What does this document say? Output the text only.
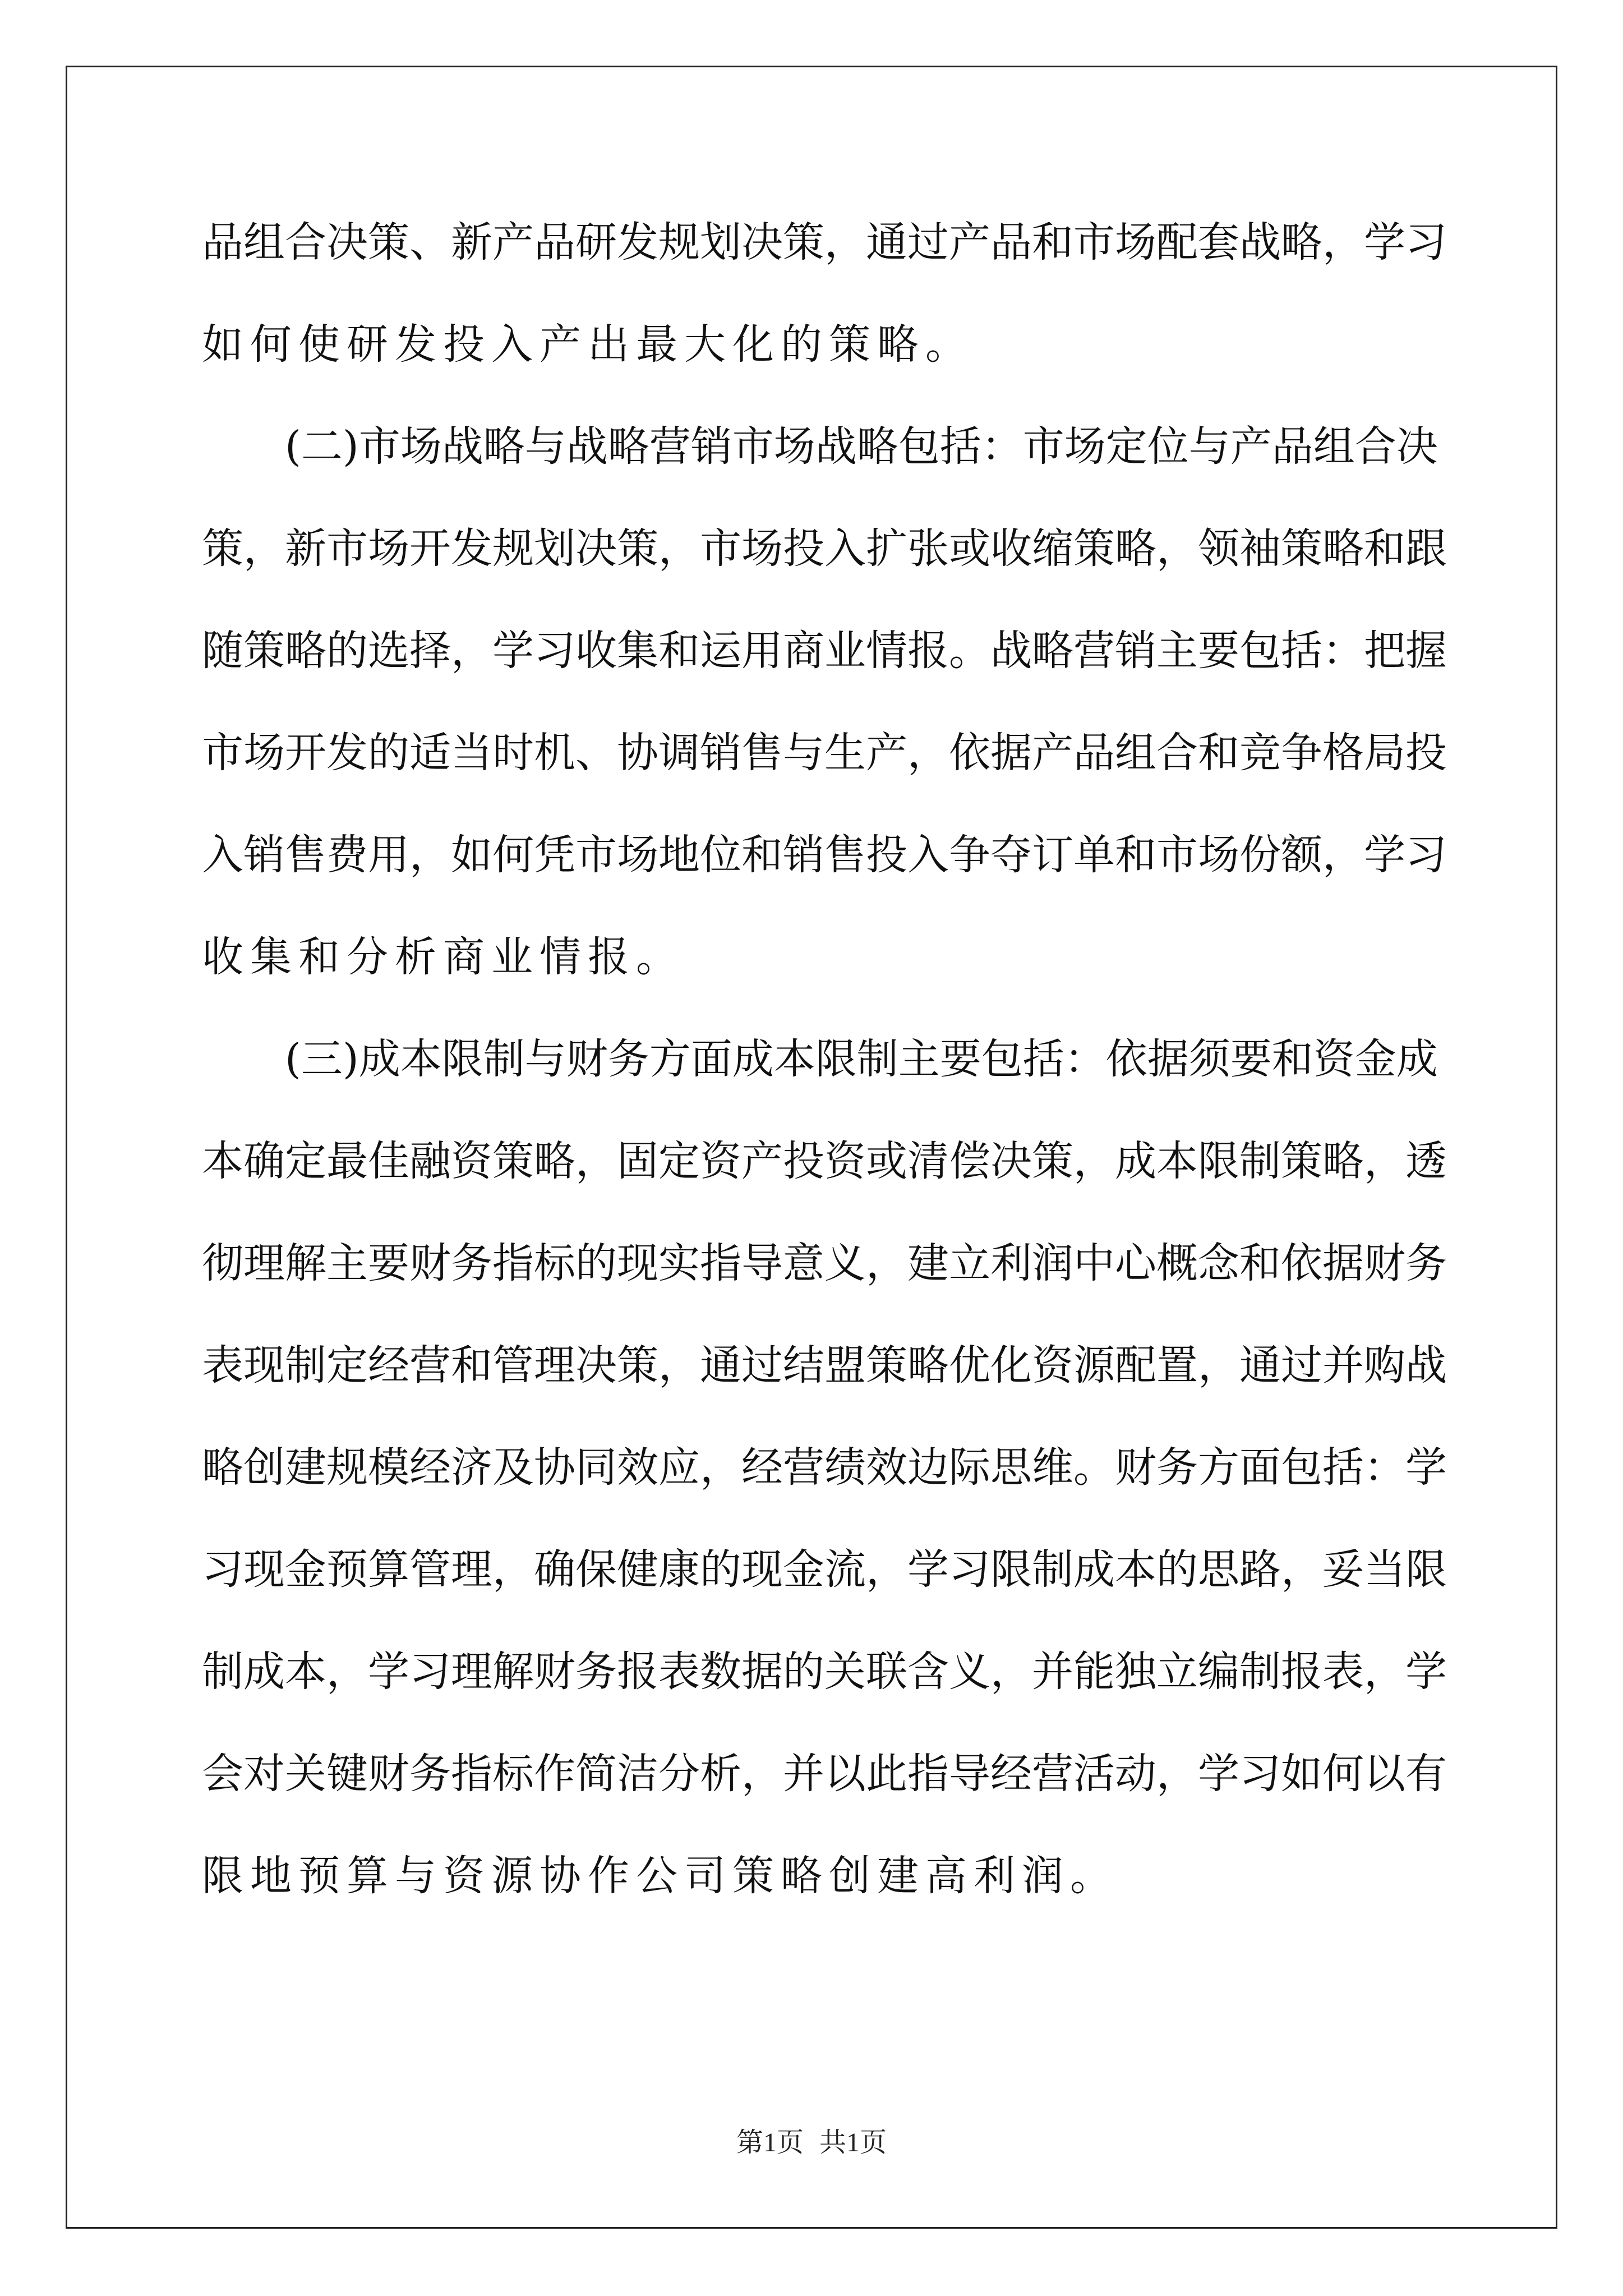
品组合决策、新产品研发规划决策，通过产品和市场配套战略，学习
如何使研发投入产出最大化的策略。
(二)市场战略与战略营销市场战略包括：市场定位与产品组合决
策，新市场开发规划决策，市场投入扩张或收缩策略，领袖策略和跟
随策略的选择，学习收集和运用商业情报。战略营销主要包括：把握
市场开发的适当时机、协调销售与生产，依据产品组合和竞争格局投
入销售费用，如何凭市场地位和销售投入争夺订单和市场份额，学习
收集和分析商业情报。
(三)成本限制与财务方面成本限制主要包括：依据须要和资金成
本确定最佳融资策略，固定资产投资或清偿决策，成本限制策略，透
彻理解主要财务指标的现实指导意义，建立利润中心概念和依据财务
表现制定经营和管理决策，通过结盟策略优化资源配置，通过并购战
略创建规模经济及协同效应，经营绩效边际思维。财务方面包括：学
习现金预算管理，确保健康的现金流，学习限制成本的思路，妥当限
制成本，学习理解财务报表数据的关联含义，并能独立编制报表，学
会对关键财务指标作简洁分析，并以此指导经营活动，学习如何以有
限地预算与资源协作公司策略创建高利润。
第1页 共1页
